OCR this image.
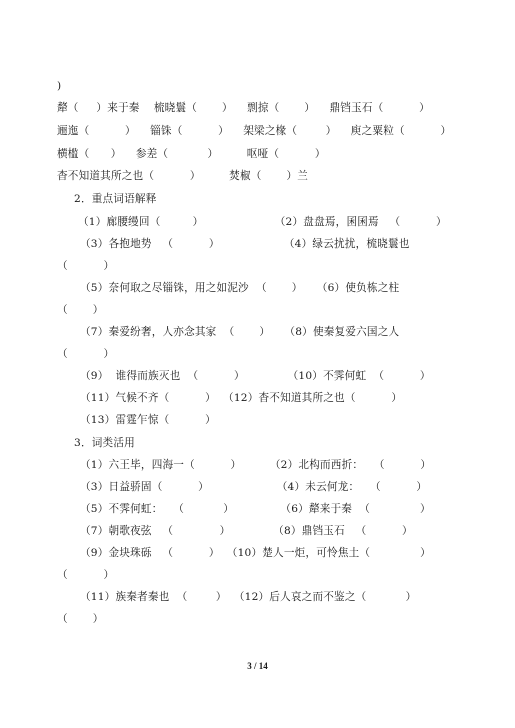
)
犛（     ）来于秦    梳晓鬟（       ）    剽掠（       ）    鼎铛玉石（          ）
逦迤（          ）    锱铢（          ）    架梁之椽（        ）    庾之粟粒（          ）
横槛（      ）    参差（           ）        呕哑（          ）
杳不知道其所之也（          ）        焚椒（       ）兰
2．重点词语解释
（1）廊腰缦回（         ）                    （2）盘盘焉，囷囷焉   （          ）
（3）各抱地势   （          ）                  （4）绿云扰扰，梳晓鬟也
（          ）
（5）奈何取之尽锱铢，用之如泥沙  （       ）    （6）使负栋之柱
（       ）
（7）秦爱纷奢，人亦念其家  （       ）    （8）使秦复爱六国之人
（          ）
（9）  谁得而族灭也  （          ）            （10）不霁何虹  （          ）
（11）气候不齐（          ）  （12）杳不知道其所之也（          ）
（13）雷霆乍惊（          ）
3．词类活用
（1）六王毕，四海一（          ）        （2）北构而西折：   （          ）
（3）日益骄固（          ）                   （4）未云何龙：   （          ）
（5）不霁何虹：   （           ）             （6）犛来于秦  （              ）
（7）朝歌夜弦   （             ）            （8）鼎铛玉石   （          ）
（9）金块珠砾   （          ）  （10）楚人一炬，可怜焦土（              ）
（          ）
（11）族秦者秦也  （        ）  （12）后人哀之而不鉴之（           ）
（       ）
3 / 14
